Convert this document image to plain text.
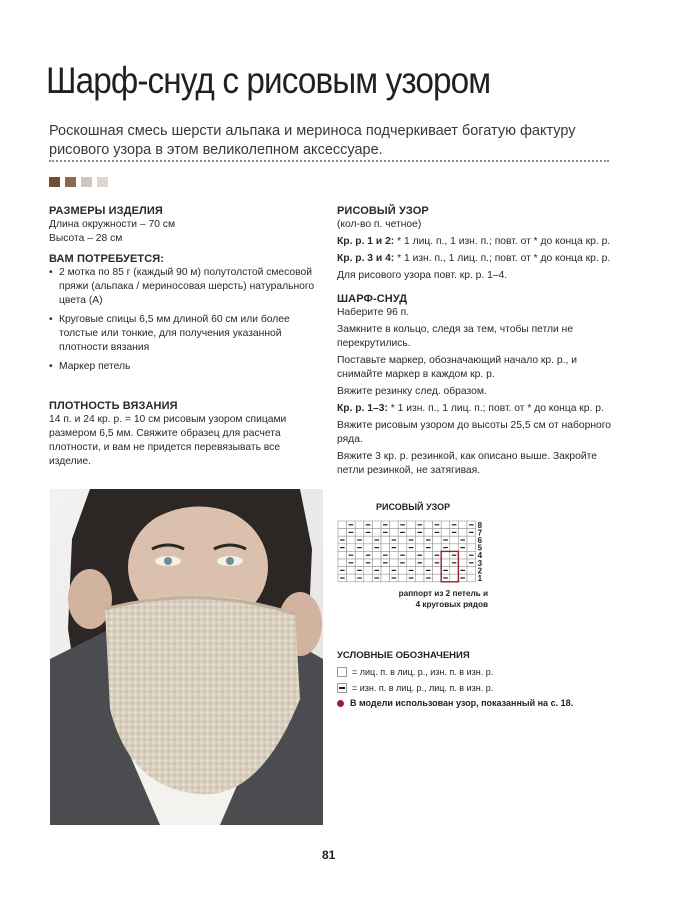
Шарф-снуд с рисовым узором

Роскошная смесь шерсти альпака и мериноса подчеркивает богатую фактуру рисового узора в этом великолепном аксессуаре.

РАЗМЕРЫ ИЗДЕЛИЯ

Длина окружности – 70 см

Высота – 28 см

ВАМ ПОТРЕБУЕТСЯ:

• 2 мотка по 85 г (каждый 90 м) полутолстой смесовой пряжи (альпака / мериносовая шерсть) натурального цвета (А)
• Круговые спицы 6,5 мм длиной 60 см или более толстые или тонкие, для получения указанной плотности вязания
• Маркер петель

ПЛОТНОСТЬ ВЯЗАНИЯ

14 п. и 24 кр. р. = 10 см рисовым узором спицами размером 6,5 мм. Свяжите образец для расчета плотности, и вам не придется перевязывать все изделие.

РИСОВЫЙ УЗОР

(кол-во п. четное)

Кр. р. 1 и 2: * 1 лиц. п., 1 изн. п.; повт. от * до конца кр. р.

Кр. р. 3 и 4: * 1 изн. п., 1 лиц. п.; повт. от * до конца кр. р.

Для рисового узора повт. кр. р. 1–4.

ШАРФ-СНУД

Наберите 96 п.

Замкните в кольцо, следя за тем, чтобы петли не перекрутились.

Поставьте маркер, обозначающий начало кр. р., и снимайте маркер в каждом кр. р.

Вяжите резинку след. образом.

Кр. р. 1–3: * 1 изн. п., 1 лиц. п.; повт. от * до конца кр. р.

Вяжите рисовым узором до высоты 25,5 см от наборного ряда.

Вяжите 3 кр. р. резинкой, как описано выше. Закройте петли резинкой, не затягивая.

РИСОВЫЙ УЗОР

8
7
6
5
4
3
2
1
раппорт из 2 петель и 4 круговых рядов

УСЛОВНЫЕ ОБОЗНАЧЕНИЯ

= лиц. п. в лиц. р., изн. п. в изн. р.
= изн. п. в лиц. р., лиц. п. в изн. р.
В модели использован узор, показанный на с. 18.

81
